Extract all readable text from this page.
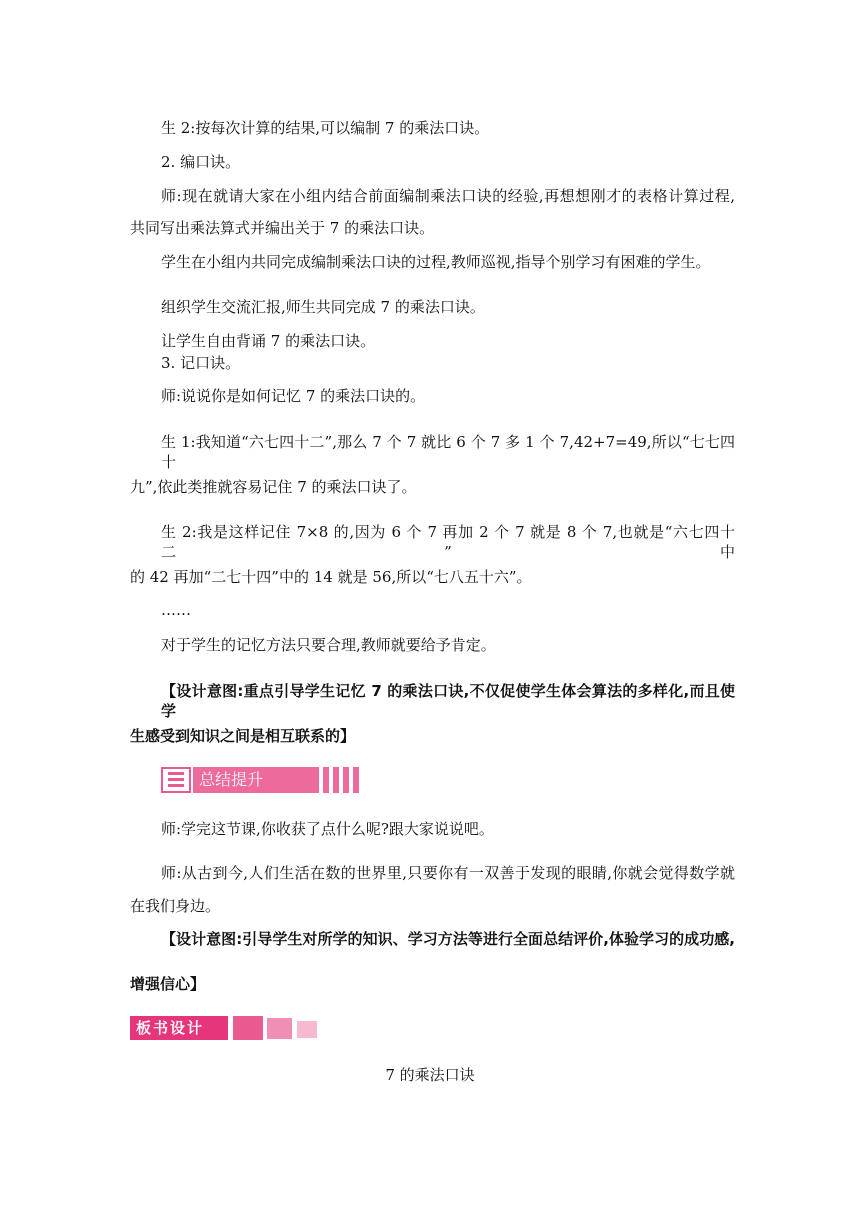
生 2:按每次计算的结果,可以编制 7 的乘法口诀。
2. 编口诀。
师:现在就请大家在小组内结合前面编制乘法口诀的经验,再想想刚才的表格计算过程,
共同写出乘法算式并编出关于 7 的乘法口诀。
学生在小组内共同完成编制乘法口诀的过程,教师巡视,指导个别学习有困难的学生。
组织学生交流汇报,师生共同完成 7 的乘法口诀。
让学生自由背诵 7 的乘法口诀。
3. 记口诀。
师:说说你是如何记忆 7 的乘法口诀的。
生 1:我知道“六七四十二”,那么 7 个 7 就比 6 个 7 多 1 个 7,42+7=49,所以“七七四十
九”,依此类推就容易记住 7 的乘法口诀了。
生 2:我是这样记住 7×8 的,因为 6 个 7 再加 2 个 7 就是 8 个 7,也就是“六七四十二”中
的 42 再加“二七十四”中的 14 就是 56,所以“七八五十六”。
……
对于学生的记忆方法只要合理,教师就要给予肯定。
【设计意图:重点引导学生记忆 7 的乘法口诀,不仅促使学生体会算法的多样化,而且使学
生感受到知识之间是相互联系的】
总结提升
师:学完这节课,你收获了点什么呢?跟大家说说吧。
师:从古到今,人们生活在数的世界里,只要你有一双善于发现的眼睛,你就会觉得数学就
在我们身边。
【设计意图:引导学生对所学的知识、学习方法等进行全面总结评价,体验学习的成功感,
增强信心】
板书设计
7 的乘法口诀
